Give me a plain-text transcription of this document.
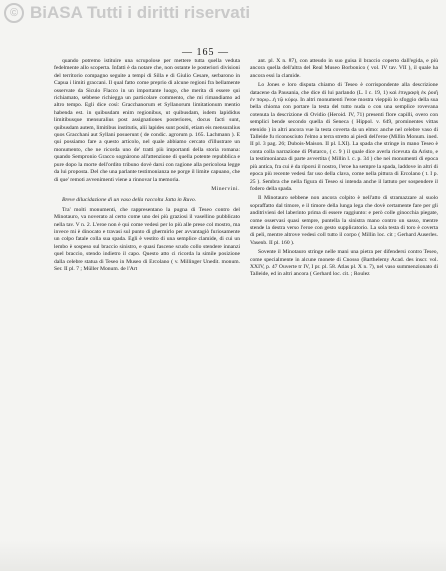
© BiASA Tutti i diritti riservati
— 165 —

quando potremo istituire una scrupolose per mettere tutta quella veduta fedelmente allo scoperta. Infatti è da notare che, non ostante le posteriori divisioni del territorio compagno seguite a tempi di Silla e di Giulio Cesare, serbarono in Capua i limiti graccani. Il qual fatto come preprio di alcune regioni fra bellamente osservate da Siculo Flacco in un importante luogo, che merita di essere qui richiamato, sebbene richiegga un particolare commento, che mi rimandiamo ad altro tempo. Egli dice così: Gracchanorum et Syllanorum limitationum mentio habenda est. in quibusdam enim regionibus, ut quibusdam, isdem lapididus limitibusque mensuralius post assignationes posteriores, docus facti sunt, quibusdam autem, limitibus institutis, alii lapides sunt positi, etiam eis mensuralius quos Gracchani aut Syllani posuerunt ( de condic. agrorum p. 165. Lachmann ). E qui possiamo fare a questo articolo, nel quale abbiamo cercato d'illustrare un monumento, che ne ricorda uno de' tratti più importanti della storia romana: quando Sempronio Gracco sognàrono all'attenzione di quella potente repubblica e pure dopo la morte dell'ordito tribuno dovè darsi con ragione alla pericolosa legge da lui proposta. Del che una parlante testimonianza ne porge il limite capuano, che di que' remoti avvenimenti viene a rinnovar la memoria.

Minervini.

Breve dilucidazione di un vaso della raccolta Jatta in Ruvo.

Tra' molti monumenti, che rappresentano la pugna di Teseo contro del Minotauro, va noverato al certo come uno dei più graziosi il vasellino pubblicato nella tav. V n. 2. L'eroe non è qui come vedesi per lo più alle prese col mostro, ma invece mi è dinocato e travasi sul punto di ghermirlo per avvantagiò furiosamente un colpo fatale colla sua spada. Egli è vestito di una semplice clamide, di cui un lembo è sospeso sul braccio sinistro, e quasi fascene scudo collo stendere innanzi quel braccio, stendo indietro il capo. Questo atto ci ricorda la simile posizione dalla celebre statua di Teseo in Museo di Ercolano ( v. Millinger Unedit. monum. Ser. II pl. 7 ; Müller Monum. de l'Art

ant. pl. X n. 87), con atteudo in suo guisa il braccio coperto dall'egida, e più ancora quella dell'altra del Real Museo Borbonico ( vol. IV tav. VII ), il quale ha ancora essi la clamide.

Lo Jones e loro disputa chiamo di Teseo è corrispondente alla descrizione datacene da Pausania, che dice di lui parlando (L. I c. 19, 1) καὶ ἐπιγραφὴ ἐκ ῥοιῆ ἐν πορῳ...ἡ τῷ κὐρῳ. In altri monumenti l'eroe mostra vieppiù lo sfoggio della sua bella chioma con portare la testa del tutto nuda o con una semplice rovevana cotenuta la descrizione di Ovidio (Heroid. IV, 71) presenti flore capilli, overo con semplici bende secondo quella di Seneca ( Hippol. v. 649, prominentes vittas etenido ) in altri ancora vue la testa coverta da un elmo: anche nel celebre vaso di Talleide fu riconosciuto l'elmo a terra stretto ai piedi dell'eroe (Millin Monum. ined. II pl. 3 pag. 26; Dubois-Maison. II pl. LXI). La spada che stringe in mano Teseo è conta colla narrazione di Plutarco, ( c. 9 ) il quale dice averla ricevuta da Aristo, e la testimonianza di parte avvertita ( Millin l. c. p. 34 ) che nei monumenti di epoca più antica, fra cui è da riporsi il nostro, l'eroe ha sempre la spada, laddove in altri di epoca più recente vedesi far uso della clava, come nella pittura di Ercolano ( t. I p. 25 ). Sembra che nella figura di Teseo si intenda anche il lattuto per sospendere il fodero della spada.

Il Minotauro sebbene non ancora colpito è nell'atto di stramazzare al suolo sopraffatto dal timore, e il timore della lunga lega che dovè certamente fare per gli anditrivieni del laberinto prima di essere raggiunto: e però colle ginocchia piegate, come osservasi quasi sempre, puntella la sinistra mano contro un sasso, mentre stende la destra verso l'eroe con gesto supplicatorio. La sola testa di toro è coverta di peli, mentre altrove vedesi coll tutto il corpo ( Millin loc. cit ; Gerhard Auserles. Vasenb. II pl. 160 ).

Sovente il Minotauro stringe nelle mani una pietra per difendersi contro Teseo, come specialmente in alcune monete di Cnosso (Barthelemy Acad. des inscr. vol. XXIV, p. 47 Ouverte tr IV, I pr. pl. 58. Atlas pl. X n. 7), nel vaso summenzionato di Talleide, ed in altri ancora ( Gerhard loc. cit. ; Roulez
